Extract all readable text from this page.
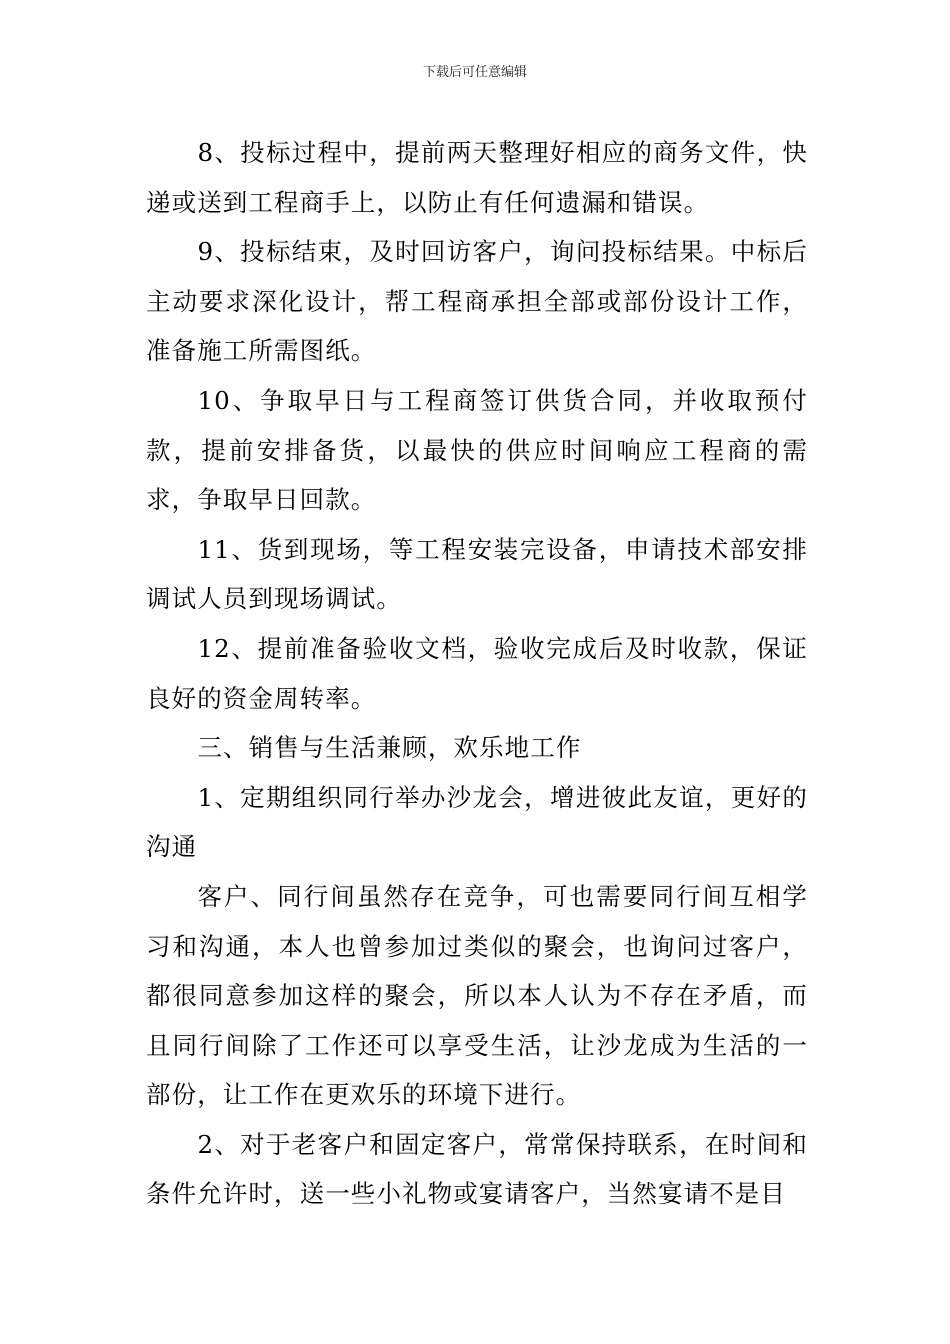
下载后可任意编辑

8、投标过程中，提前两天整理好相应的商务文件，快递或送到工程商手上，以防止有任何遗漏和错误。

9、投标结束，及时回访客户，询问投标结果。中标后主动要求深化设计，帮工程商承担全部或部份设计工作，准备施工所需图纸。

10、争取早日与工程商签订供货合同，并收取预付款，提前安排备货，以最快的供应时间响应工程商的需求，争取早日回款。

11、货到现场，等工程安装完设备，申请技术部安排调试人员到现场调试。

12、提前准备验收文档，验收完成后及时收款，保证良好的资金周转率。

三、销售与生活兼顾，欢乐地工作

1、定期组织同行举办沙龙会，增进彼此友谊，更好的沟通

客户、同行间虽然存在竞争，可也需要同行间互相学习和沟通，本人也曾参加过类似的聚会，也询问过客户，都很同意参加这样的聚会，所以本人认为不存在矛盾，而且同行间除了工作还可以享受生活，让沙龙成为生活的一部份，让工作在更欢乐的环境下进行。

2、对于老客户和固定客户，常常保持联系，在时间和条件允许时，送一些小礼物或宴请客户，当然宴请不是目
